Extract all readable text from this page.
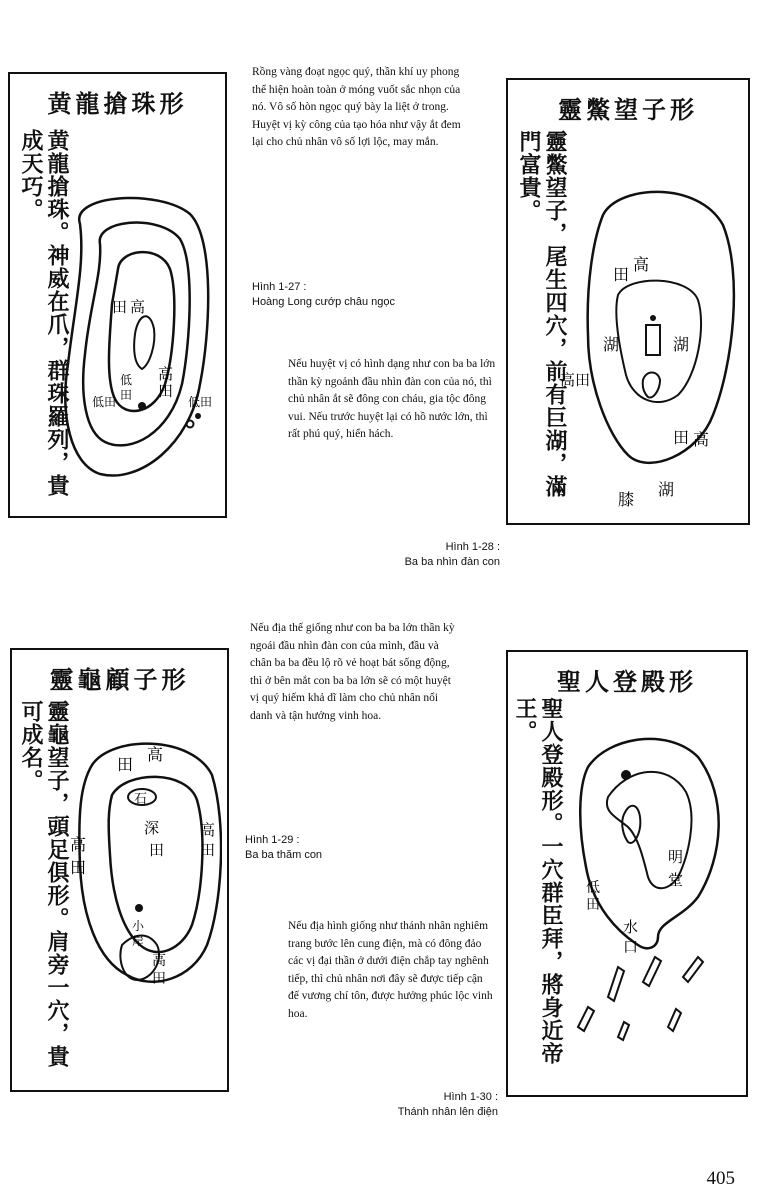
黄龍搶珠形
黄龍搶珠。神威在爪，群珠羅列，貴成天巧。
高
田
高
田
低
田
低田	低田
Rồng vàng đoạt ngọc quý, thần khí uy phong thể hiện hoàn toàn ở móng vuốt sắc nhọn của nó. Vô số hòn ngọc quý bày la liệt ở trong. Huyệt vị kỳ công của tạo hóa như vậy ắt đem lại cho chủ nhân vô số lợi lộc, may mắn.
Hình 1-27 :
Hoàng Long cướp châu ngọc
靈鱉望子形
靈鱉望子，尾生四穴，前有巨湖，滿門富貴。
高
田
湖	湖
高田
高
田
湖
膝
Nếu huyệt vị có hình dạng như con ba ba lớn thần kỳ ngoảnh đầu nhìn đàn con của nó, thì chủ nhân ắt sẽ đông con cháu, gia tộc đông vui. Nếu trước huyệt lại có hồ nước lớn, thì rất phú quý, hiển hách.
Hình 1-28 :
Ba ba nhìn đàn con
靈龜顧子形
靈龜望子，頭足俱形。肩旁一穴，貴可成名。	高
田
高
田
石
深
田
高
田
高
田
小
岸
Nếu địa thế giống như con ba ba lớn thần kỳ ngoái đầu nhìn đàn con của mình, đầu và chân ba ba đều lộ rõ vẻ hoạt bát sống động, thì ở bên mắt con ba ba lớn sẽ có một huyệt vị quý hiếm khả dĩ làm cho chủ nhân nổi danh và tận hưởng vinh hoa.
Hình 1-29 :
Ba ba thăm con
聖人登殿形
聖人登殿形。一穴群臣拜，將身近帝王。
明
堂
低
田
水
口
Nếu địa hình giống như thánh nhân nghiêm trang bước lên cung điện, mà có đông đảo các vị đại thần ở dưới điện chắp tay nghênh tiếp, thì chủ nhân nơi đây sẽ được tiếp cận đế vương chí tôn, được hưởng phúc lộc vinh hoa.
Hình 1-30 :
Thánh nhân lên điện
405
